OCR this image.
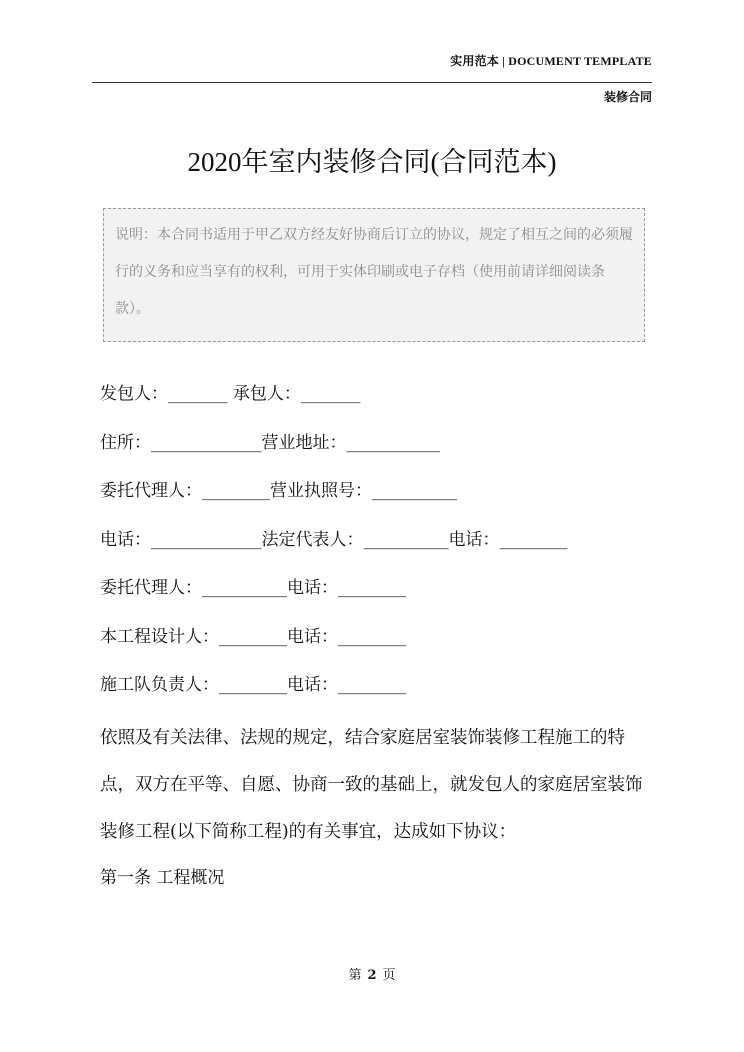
实用范本 | DOCUMENT TEMPLATE
装修合同
2020年室内装修合同(合同范本)
说明：本合同书适用于甲乙双方经友好协商后订立的协议，规定了相互之间的必须履行的义务和应当享有的权利，可用于实体印刷或电子存档（使用前请详细阅读条款）。
发包人：_______ 承包人：_______
住所：_____________营业地址：___________
委托代理人：________营业执照号：__________
电话：_____________法定代表人：__________电话：________
委托代理人：__________电话：________
本工程设计人：________电话：________
施工队负责人：________电话：________
依照及有关法律、法规的规定，结合家庭居室装饰装修工程施工的特点，双方在平等、自愿、协商一致的基础上，就发包人的家庭居室装饰装修工程(以下简称工程)的有关事宜，达成如下协议：
第一条 工程概况
第 2 页
